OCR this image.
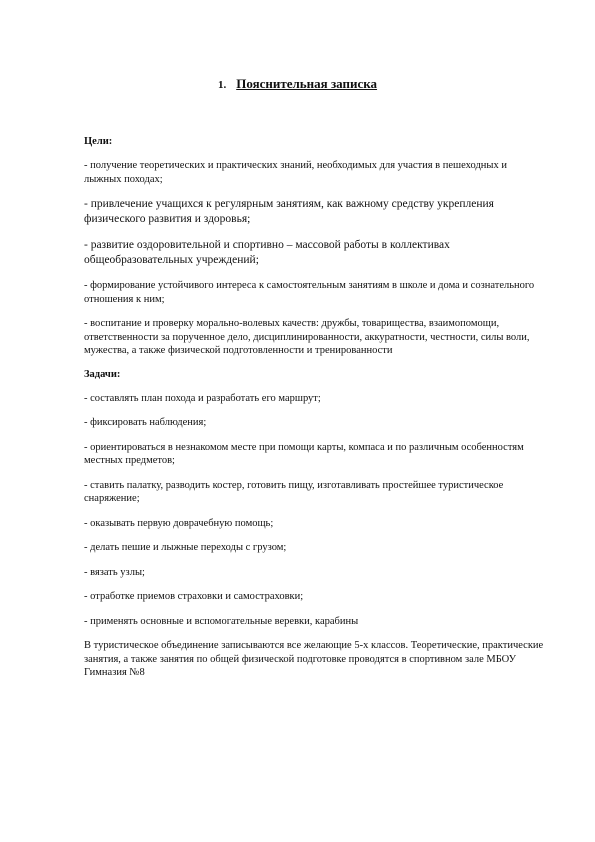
1. Пояснительная записка
Цели:

- получение теоретических и практических знаний, необходимых для участия в пешеходных и лыжных походах;

- привлечение учащихся к регулярным занятиям, как важному средству укрепления физического развития и здоровья;

- развитие оздоровительной и спортивно – массовой работы в коллективах общеобразовательных учреждений;

- формирование устойчивого интереса к самостоятельным занятиям в школе и дома и сознательного отношения к ним;

- воспитание и проверку морально-волевых качеств: дружбы, товарищества, взаимопомощи, ответственности за порученное дело, дисциплинированности, аккуратности, честности, силы воли, мужества, а также физической подготовленности и тренированности

Задачи:

- составлять план похода и разработать его маршрут;

- фиксировать наблюдения;

- ориентироваться в незнакомом месте при помощи карты, компаса и по различным особенностям местных предметов;

- ставить палатку, разводить костер, готовить пищу, изготавливать простейшее туристическое снаряжение;

- оказывать первую доврачебную помощь;

- делать пешие и лыжные переходы с грузом;

- вязать узлы;

- отработке приемов страховки и самостраховки;

- применять основные и вспомогательные веревки, карабины

В туристическое объединение записываются все желающие 5-х классов. Теоретические, практические занятия, а также занятия по общей физической подготовке проводятся в спортивном зале МБОУ Гимназия №8
